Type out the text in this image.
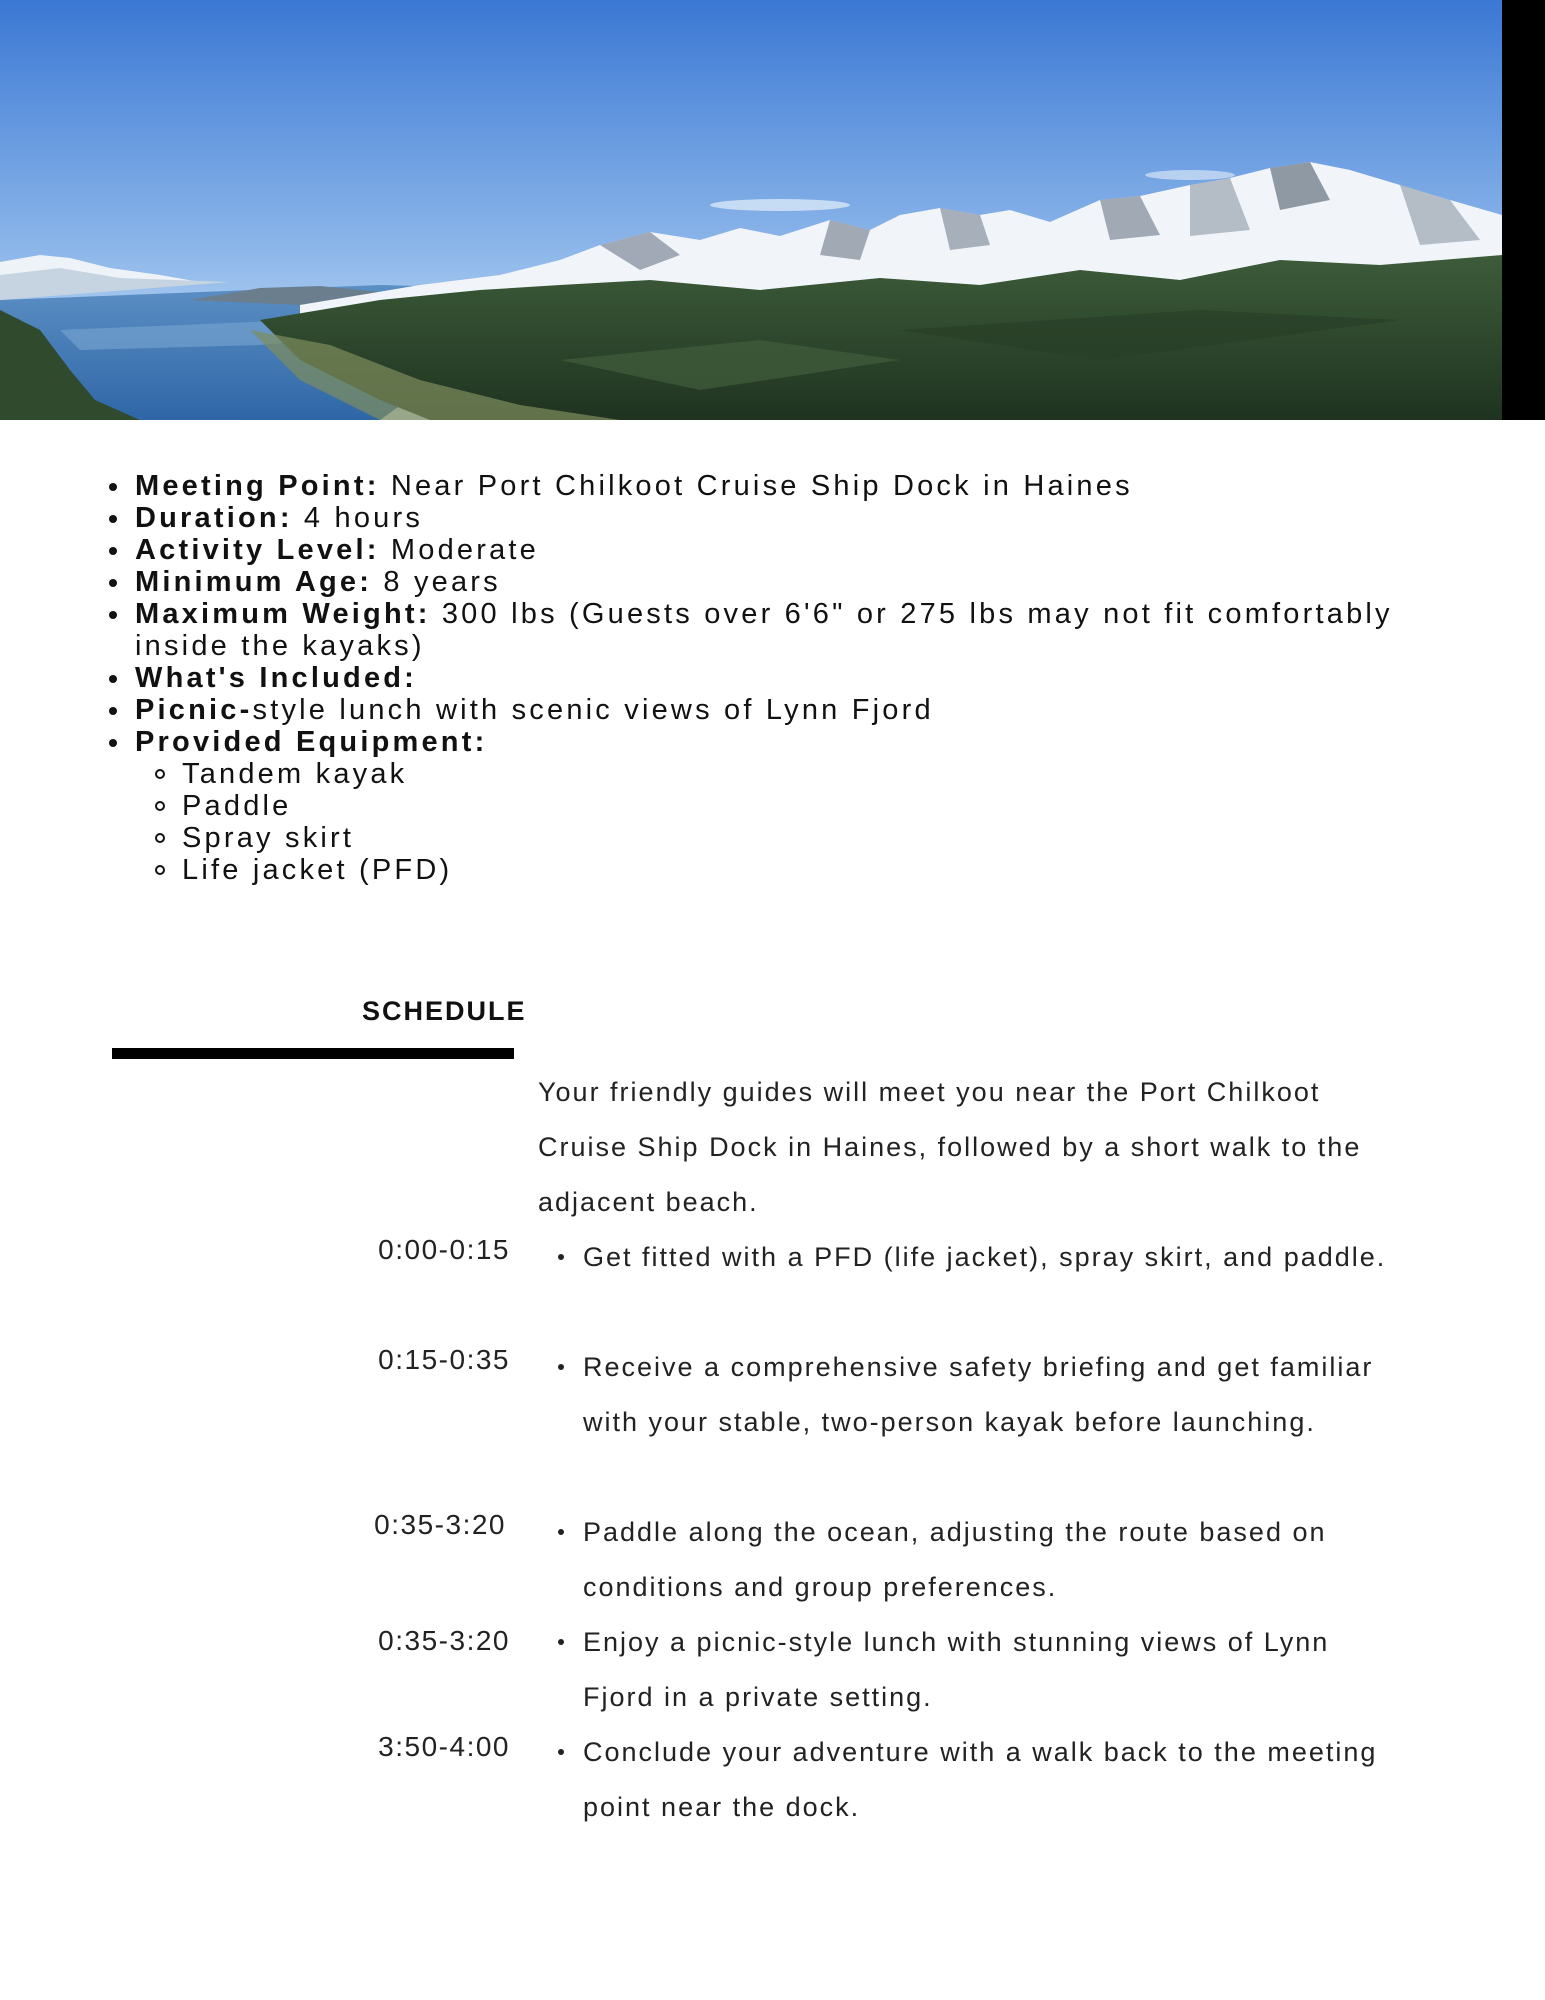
Meeting Point: Near Port Chilkoot Cruise Ship Dock in Haines
Duration: 4 hours
Activity Level: Moderate
Minimum Age: 8 years
Maximum Weight: 300 lbs (Guests over 6'6" or 275 lbs may not fit comfortably inside the kayaks)
What's Included:
Picnic-style lunch with scenic views of Lynn Fjord
Provided Equipment:
Tandem kayak
Paddle
Spray skirt
Life jacket (PFD)
SCHEDULE
Your friendly guides will meet you near the Port Chilkoot Cruise Ship Dock in Haines, followed by a short walk to the adjacent beach.
0:00-0:15	Get fitted with a PFD (life jacket), spray skirt, and paddle.
0:15-0:35	Receive a comprehensive safety briefing and get familiar with your stable, two-person kayak before launching.
0:35-3:20	Paddle along the ocean, adjusting the route based on conditions and group preferences.
0:35-3:20	Enjoy a picnic-style lunch with stunning views of Lynn Fjord in a private setting.
3:50-4:00	Conclude your adventure with a walk back to the meeting point near the dock.
